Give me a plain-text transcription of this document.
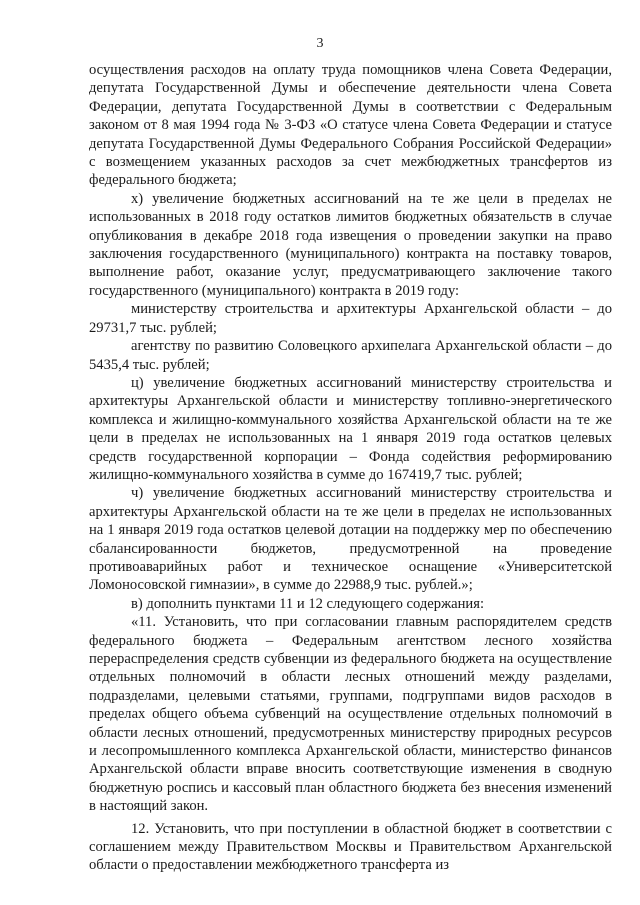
3

осуществления расходов на оплату труда помощников члена Совета Федерации, депутата Государственной Думы и обеспечение деятельности члена Совета Федерации, депутата Государственной Думы в соответствии с Федеральным законом от 8 мая 1994 года № 3-ФЗ «О статусе члена Совета Федерации и статусе депутата Государственной Думы Федерального Собрания Российской Федерации» с возмещением указанных расходов за счет межбюджетных трансфертов из федерального бюджета;

х) увеличение бюджетных ассигнований на те же цели в пределах не использованных в 2018 году остатков лимитов бюджетных обязательств в случае опубликования в декабре 2018 года извещения о проведении закупки на право заключения государственного (муниципального) контракта на поставку товаров, выполнение работ, оказание услуг, предусматривающего заключение такого государственного (муниципального) контракта в 2019 году:

министерству строительства и архитектуры Архангельской области – до 29731,7 тыс. рублей;

агентству по развитию Соловецкого архипелага Архангельской области – до 5435,4 тыс. рублей;

ц) увеличение бюджетных ассигнований министерству строительства и архитектуры Архангельской области и министерству топливно-энергетического комплекса и жилищно-коммунального хозяйства Архангельской области на те же цели в пределах не использованных на 1 января 2019 года остатков целевых средств государственной корпорации – Фонда содействия реформированию жилищно-коммунального хозяйства в сумме до 167419,7 тыс. рублей;

ч) увеличение бюджетных ассигнований министерству строительства и архитектуры Архангельской области на те же цели в пределах не использованных на 1 января 2019 года остатков целевой дотации на поддержку мер по обеспечению сбалансированности бюджетов, предусмотренной на проведение противоаварийных работ и техническое оснащение «Университетской Ломоносовской гимназии», в сумме до 22988,9 тыс. рублей.»;

в) дополнить пунктами 11 и 12 следующего содержания:

«11. Установить, что при согласовании главным распорядителем средств федерального бюджета – Федеральным агентством лесного хозяйства перераспределения средств субвенции из федерального бюджета на осуществление отдельных полномочий в области лесных отношений между разделами, подразделами, целевыми статьями, группами, подгруппами видов расходов в пределах общего объема субвенций на осуществление отдельных полномочий в области лесных отношений, предусмотренных министерству природных ресурсов и лесопромышленного комплекса Архангельской области, министерство финансов Архангельской области вправе вносить соответствующие изменения в сводную бюджетную роспись и кассовый план областного бюджета без внесения изменений в настоящий закон.

12. Установить, что при поступлении в областной бюджет в соответствии с соглашением между Правительством Москвы и Правительством Архангельской области о предоставлении межбюджетного трансферта из
